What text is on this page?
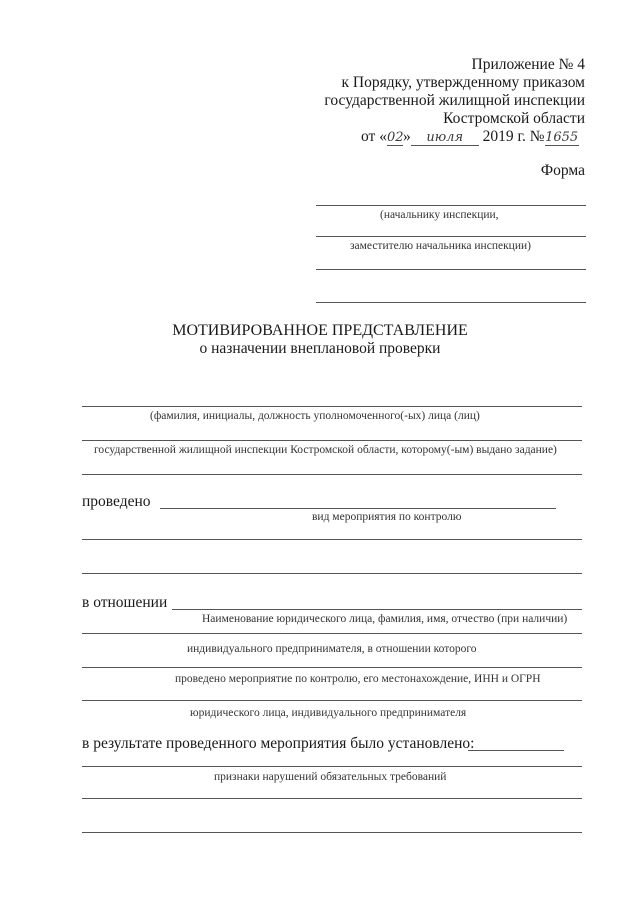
Приложение № 4
к Порядку, утвержденному приказом
государственной жилищной инспекции
Костромской области
от «02» июля 2019 г. №1655
Форма
(начальнику инспекции,
заместителю начальника инспекции)
МОТИВИРОВАННОЕ ПРЕДСТАВЛЕНИЕ
о назначении внеплановой проверки
(фамилия, инициалы, должность уполномоченного(-ых) лица (лиц)
государственной жилищной инспекции Костромской области, которому(-ым) выдано задание)
проведено
вид мероприятия по контролю
в отношении
Наименование юридического лица, фамилия, имя, отчество (при наличии)
индивидуального предпринимателя, в отношении которого
проведено мероприятие по контролю, его местонахождение, ИНН и ОГРН
юридического лица, индивидуального предпринимателя
в результате проведенного мероприятия было установлено:
признаки нарушений обязательных требований
